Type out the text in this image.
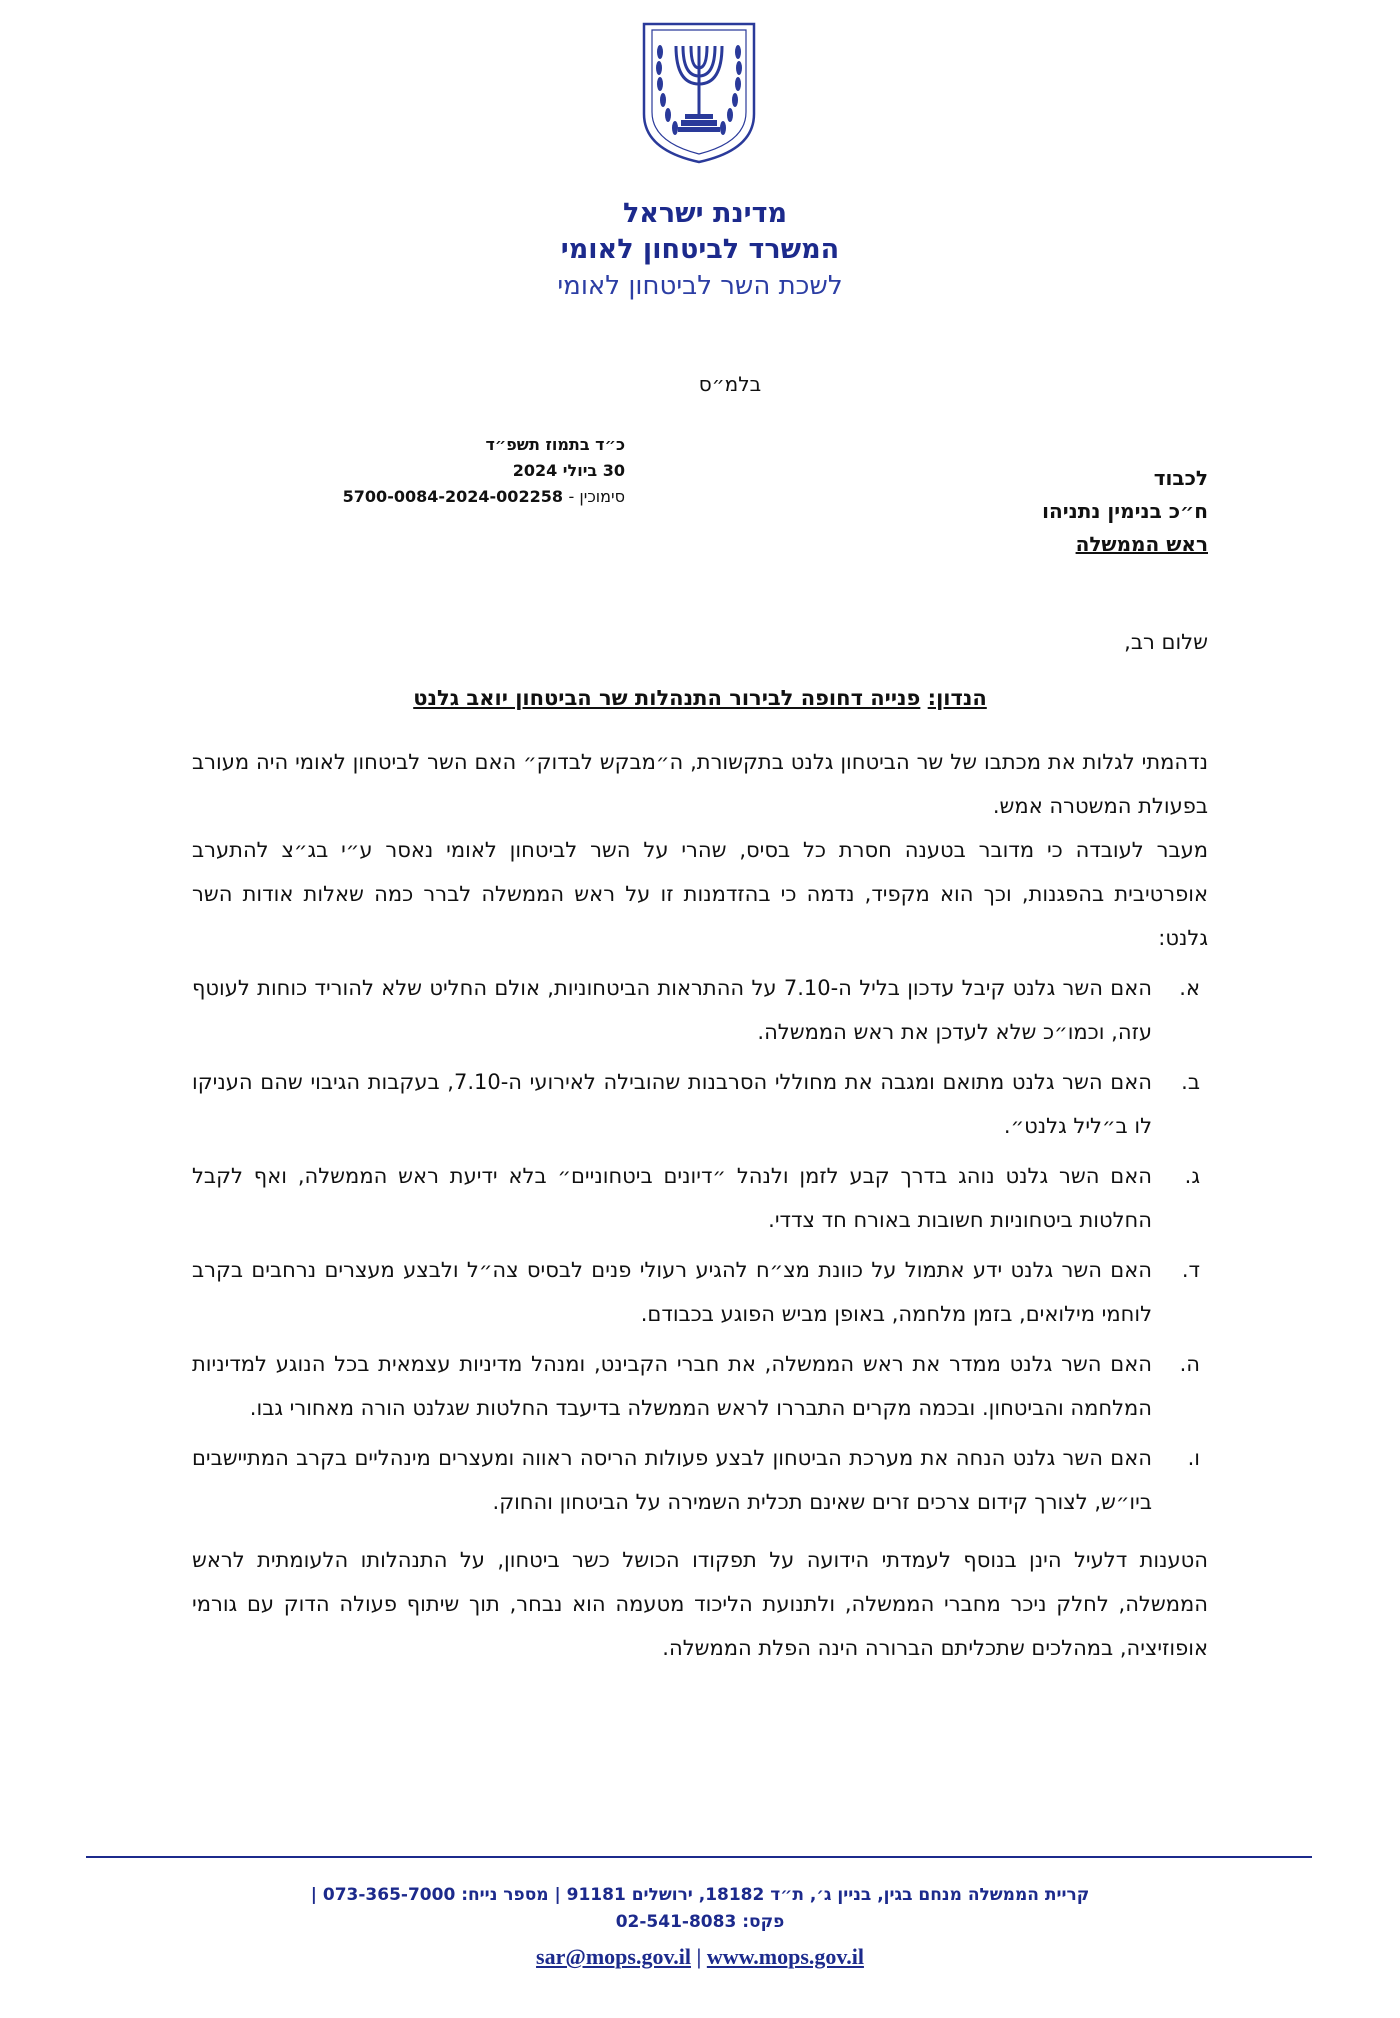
מדינת ישראל
המשרד לביטחון לאומי
לשכת השר לביטחון לאומי
בלמ״ס
כ״ד בתמוז תשפ״ד
30 ביולי 2024
סימוכין - 5700-0084-2024-002258
לכבוד
ח״כ בנימין נתניהו
ראש הממשלה
שלום רב,
הנדון: פנייה דחופה לבירור התנהלות שר הביטחון יואב גלנט

נדהמתי לגלות את מכתבו של שר הביטחון גלנט בתקשורת, ה״מבקש לבדוק״ האם השר לביטחון לאומי היה מעורב בפעולת המשטרה אמש.

מעבר לעובדה כי מדובר בטענה חסרת כל בסיס, שהרי על השר לביטחון לאומי נאסר ע״י בג״צ להתערב אופרטיבית בהפגנות, וכך הוא מקפיד, נדמה כי בהזדמנות זו על ראש הממשלה לברר כמה שאלות אודות השר גלנט:

א.
האם השר גלנט קיבל עדכון בליל ה-7.10 על ההתראות הביטחוניות, אולם החליט שלא להוריד כוחות לעוטף עזה, וכמו״כ שלא לעדכן את ראש הממשלה.
ב.
האם השר גלנט מתואם ומגבה את מחוללי הסרבנות שהובילה לאירועי ה-7.10, בעקבות הגיבוי שהם העניקו לו ב״ליל גלנט״.
ג.
האם השר גלנט נוהג בדרך קבע לזמן ולנהל ״דיונים ביטחוניים״ בלא ידיעת ראש הממשלה, ואף לקבל החלטות ביטחוניות חשובות באורח חד צדדי.
ד.
האם השר גלנט ידע אתמול על כוונת מצ״ח להגיע רעולי פנים לבסיס צה״ל ולבצע מעצרים נרחבים בקרב לוחמי מילואים, בזמן מלחמה, באופן מביש הפוגע בכבודם.
ה.
האם השר גלנט ממדר את ראש הממשלה, את חברי הקבינט, ומנהל מדיניות עצמאית בכל הנוגע למדיניות המלחמה והביטחון. ובכמה מקרים התבררו לראש הממשלה בדיעבד החלטות שגלנט הורה מאחורי גבו.
ו.
האם השר גלנט הנחה את מערכת הביטחון לבצע פעולות הריסה ראווה ומעצרים מינהליים בקרב המתיישבים ביו״ש, לצורך קידום צרכים זרים שאינם תכלית השמירה על הביטחון והחוק.

הטענות דלעיל הינן בנוסף לעמדתי הידועה על תפקודו הכושל כשר ביטחון, על התנהלותו הלעומתית לראש הממשלה, לחלק ניכר מחברי הממשלה, ולתנועת הליכוד מטעמה הוא נבחר, תוך שיתוף פעולה הדוק עם גורמי אופוזיציה, במהלכים שתכליתם הברורה הינה הפלת הממשלה.

קריית הממשלה מנחם בגין, בניין ג׳, ת״ד 18182, ירושלים 91181 | מספר נייח: 073-365-7000 |
פקס: 02-541-8083
sar@mops.gov.il | www.mops.gov.il
